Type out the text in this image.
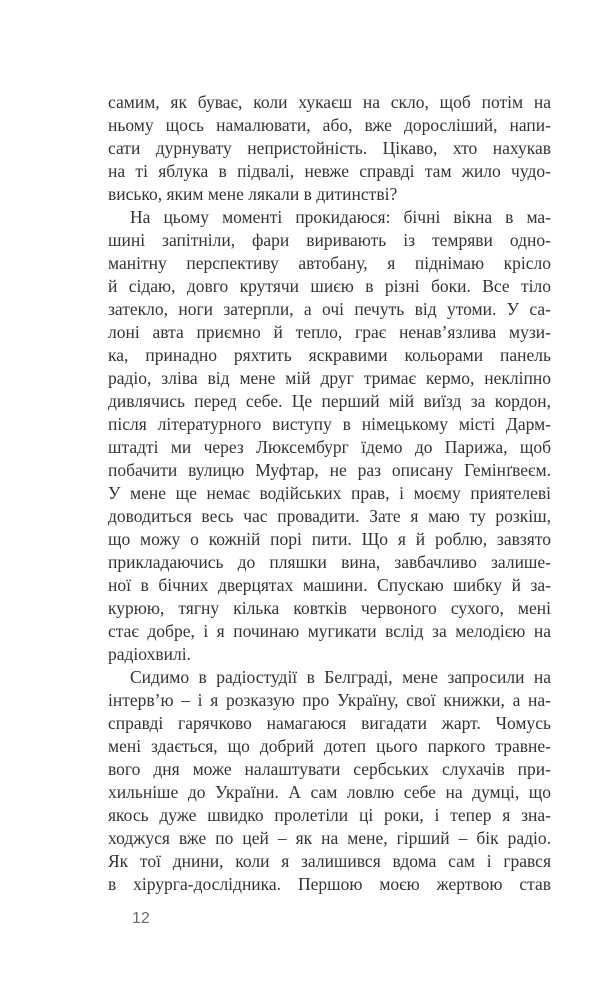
самим, як буває, коли хукаєш на скло, щоб потім на
ньому щось намалювати, або, вже доросліший, напи-
сати дурнувату непристойність. Цікаво, хто нахукав
на ті яблука в підвалі, невже справді там жило чудо-
висько, яким мене лякали в дитинстві?
На цьому моменті прокидаюся: бічні вікна в ма-
шині запітніли, фари виривають із темряви одно-
манітну перспективу автобану, я піднімаю крісло
й сідаю, довго крутячи шиєю в різні боки. Все тіло
затекло, ноги затерпли, а очі печуть від утоми. У са-
лоні авта приємно й тепло, грає ненав’язлива музи-
ка, принадно ряхтить яскравими кольорами панель
радіо, зліва від мене мій друг тримає кермо, некліпно
дивлячись перед себе. Це перший мій виїзд за кордон,
після літературного виступу в німецькому місті Дарм-
штадті ми через Люксембург їдемо до Парижа, щоб
побачити вулицю Муфтар, не раз описану Гемінґвеєм.
У мене ще немає водійських прав, і моєму приятелеві
доводиться весь час провадити. Зате я маю ту розкіш,
що можу о кожній порі пити. Що я й роблю, завзято
прикладаючись до пляшки вина, завбачливо залише-
ної в бічних дверцятах машини. Спускаю шибку й за-
курюю, тягну кілька ковтків червоного сухого, мені
стає добре, і я починаю мугикати вслід за мелодією на
радіохвилі.
Сидимо в радіостудії в Белграді, мене запросили на
інтерв’ю – і я розказую про Україну, свої книжки, а на-
справді гарячково намагаюся вигадати жарт. Чомусь
мені здається, що добрий дотеп цього паркого травне-
вого дня може налаштувати сербських слухачів при-
хильніше до України. А сам ловлю себе на думці, що
якось дуже швидко пролетіли ці роки, і тепер я зна-
ходжуся вже по цей – як на мене, гірший – бік радіо.
Як тої днини, коли я залишився вдома сам і грався
в хірурга-дослідника. Першою моєю жертвою став
12
